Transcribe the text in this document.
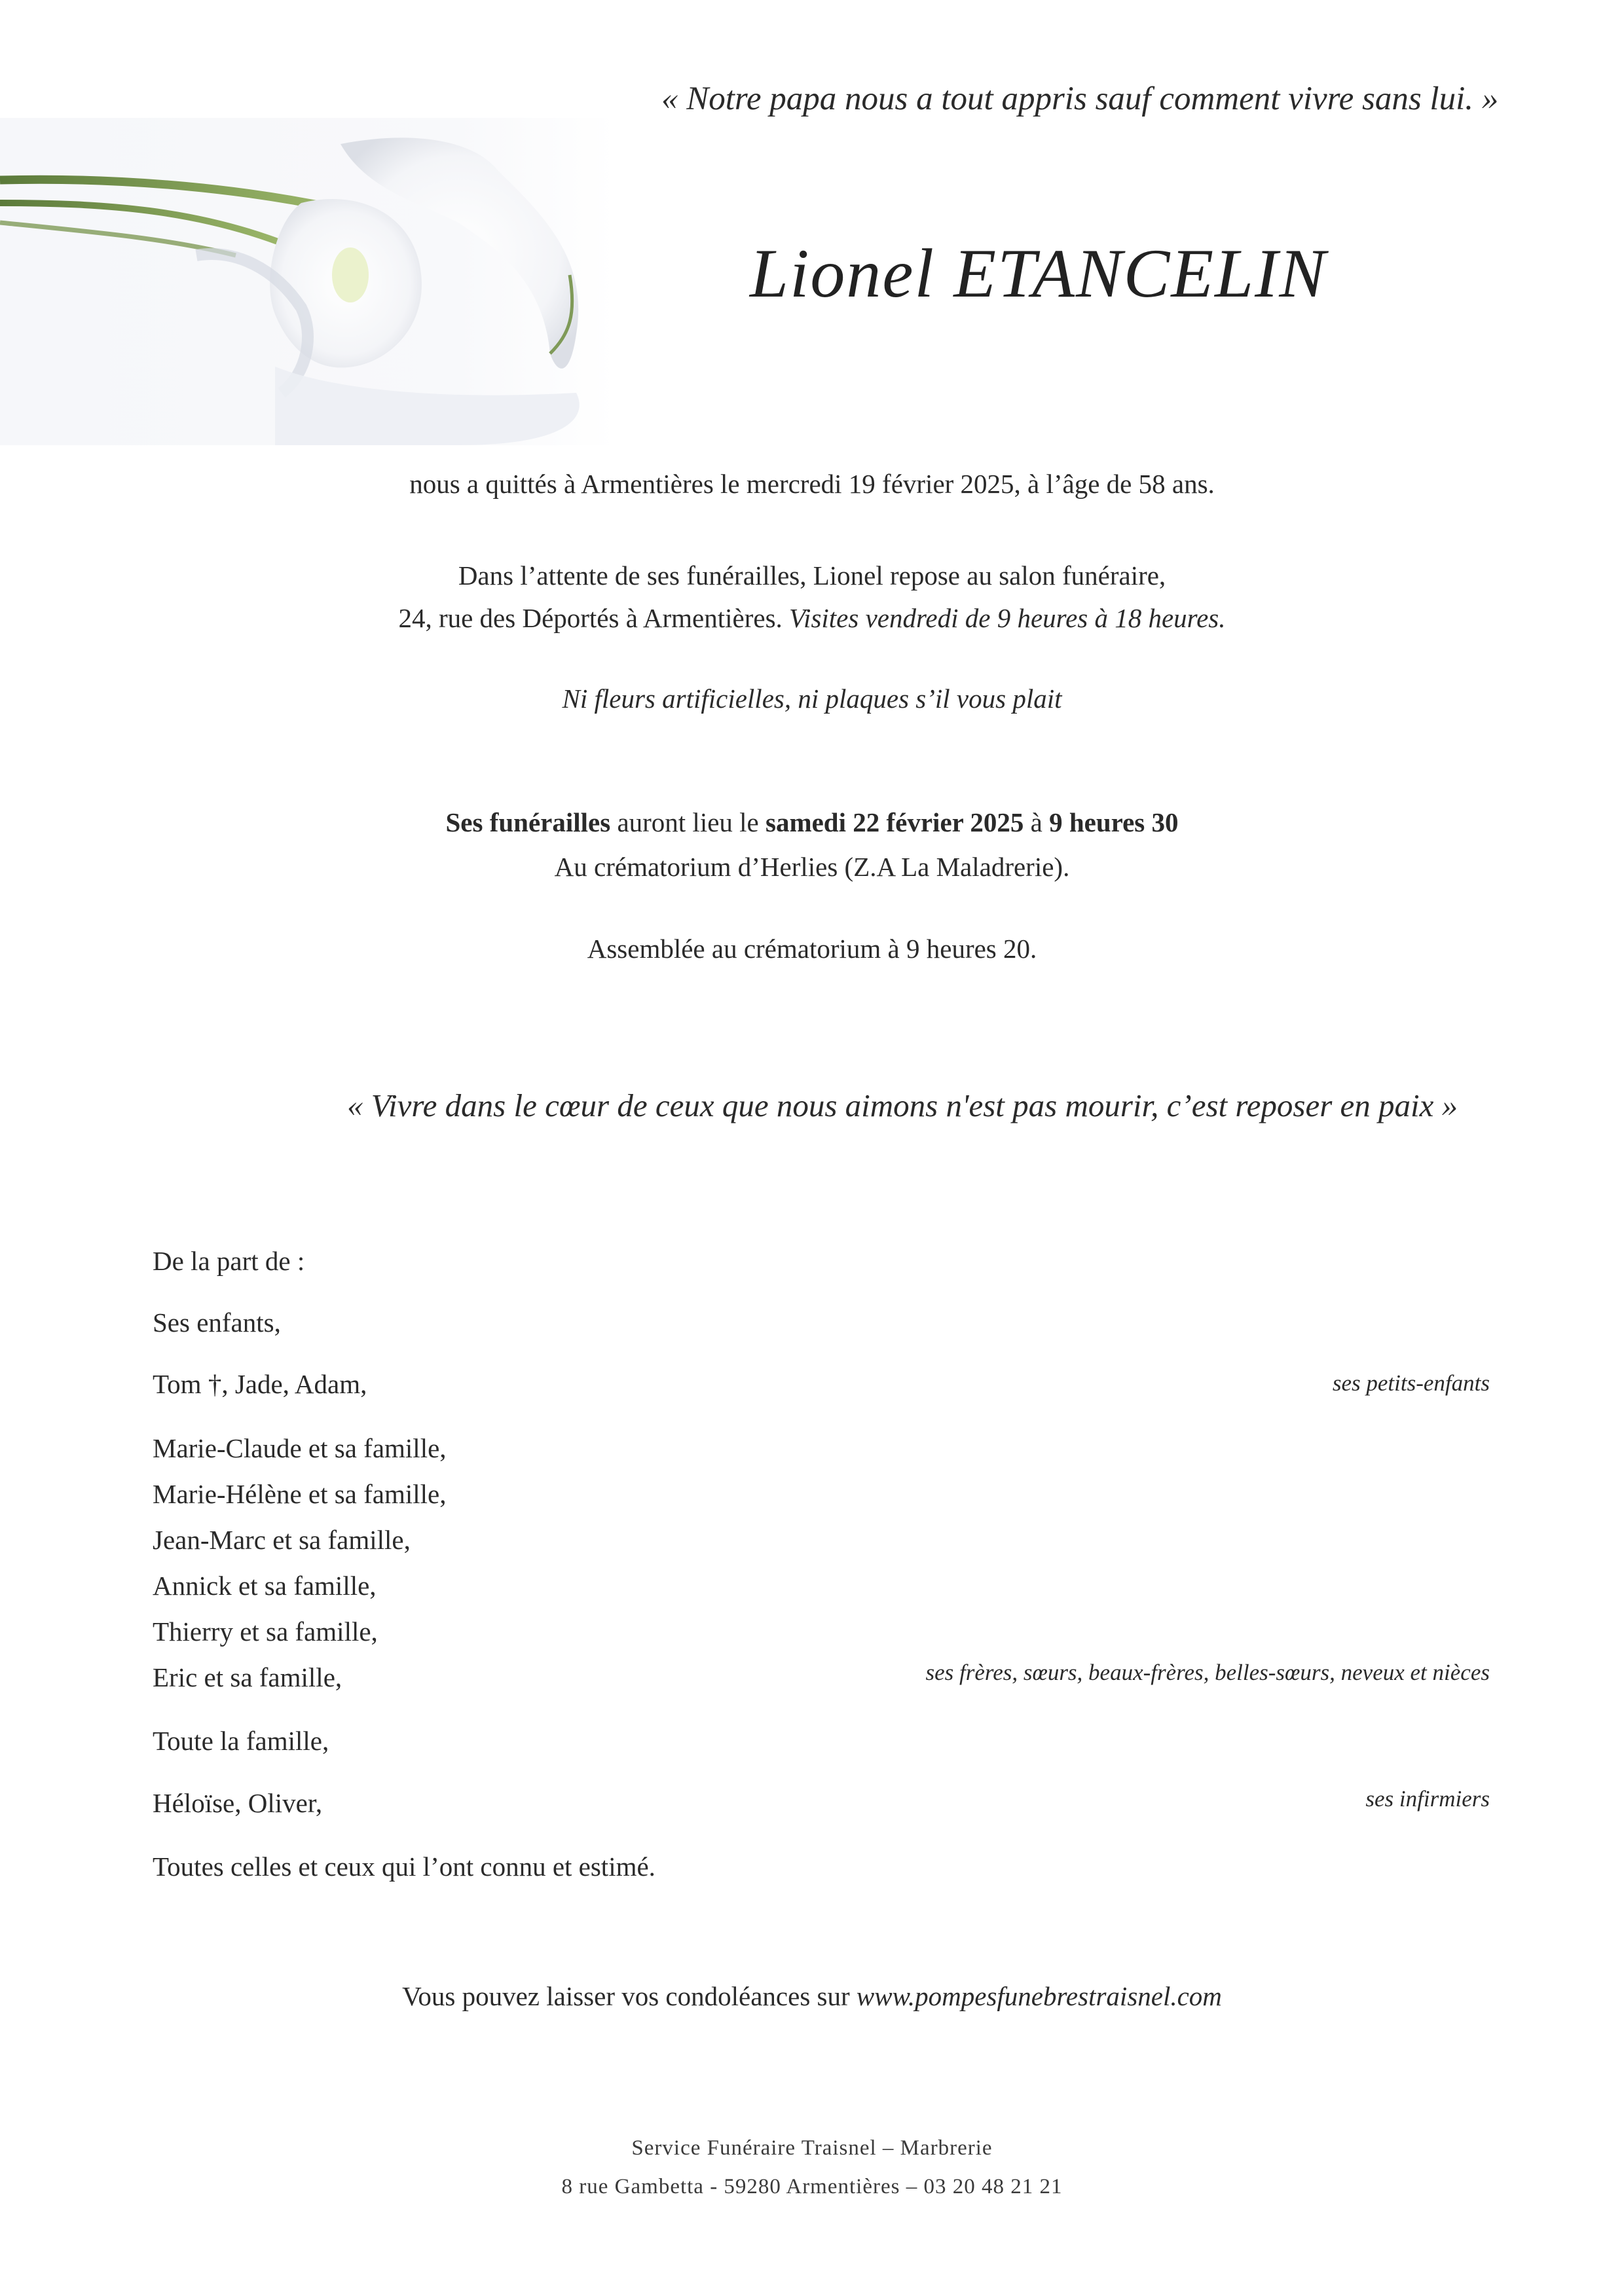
« Notre papa nous a tout appris sauf comment vivre sans lui. »
Lionel ETANCELIN
nous a quittés à Armentières le mercredi 19 février 2025, à l’âge de 58 ans.
Dans l’attente de ses funérailles, Lionel repose au salon funéraire,
24, rue des Déportés à Armentières. Visites vendredi de 9 heures à 18 heures.
Ni fleurs artificielles, ni plaques s’il vous plait
Ses funérailles auront lieu le samedi 22 février 2025 à 9 heures 30
Au crématorium d’Herlies (Z.A La Maladrerie).
Assemblée au crématorium à 9 heures 20.
« Vivre dans le cœur de ceux que nous aimons n'est pas mourir, c’est reposer en paix »
De la part de :
Ses enfants,
Tom †, Jade, Adam,	ses petits-enfants
Marie-Claude et sa famille,
Marie-Hélène et sa famille,
Jean-Marc et sa famille,
Annick et sa famille,
Thierry et sa famille,
Eric et sa famille,	ses frères, sœurs, beaux-frères, belles-sœurs, neveux et nièces
Toute la famille,
Héloïse, Oliver,	ses infirmiers
Toutes celles et ceux qui l’ont connu et estimé.
Vous pouvez laisser vos condoléances sur www.pompesfunebrestraisnel.com
Service Funéraire Traisnel – Marbrerie
8 rue Gambetta - 59280 Armentières – 03 20 48 21 21
